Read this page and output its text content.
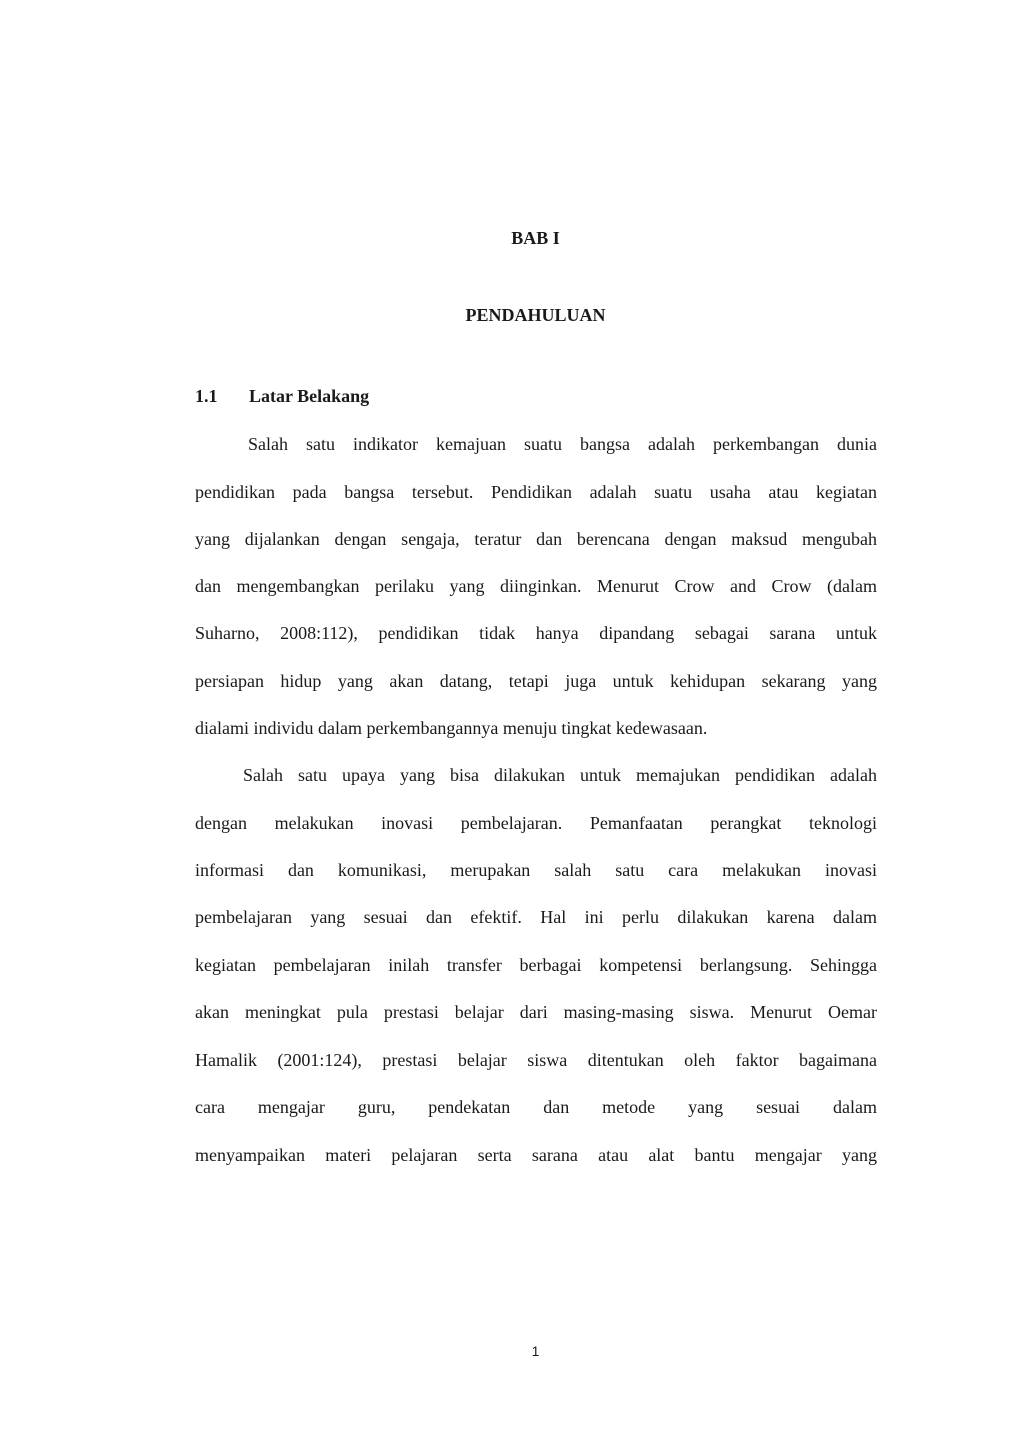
BAB I
PENDAHULUAN
1.1 Latar Belakang
Salah satu indikator kemajuan suatu bangsa adalah perkembangan dunia
pendidikan pada bangsa tersebut. Pendidikan adalah suatu usaha atau kegiatan
yang dijalankan dengan sengaja, teratur dan berencana dengan maksud mengubah
dan mengembangkan perilaku yang diinginkan. Menurut Crow and Crow (dalam
Suharno, 2008:112), pendidikan tidak hanya dipandang sebagai sarana untuk
persiapan hidup yang akan datang, tetapi juga untuk kehidupan sekarang yang
dialami individu dalam perkembangannya menuju tingkat kedewasaan.
Salah satu upaya yang bisa dilakukan untuk memajukan pendidikan adalah
dengan melakukan inovasi pembelajaran. Pemanfaatan perangkat teknologi
informasi dan komunikasi, merupakan salah satu cara melakukan inovasi
pembelajaran yang sesuai dan efektif. Hal ini perlu dilakukan karena dalam
kegiatan pembelajaran inilah transfer berbagai kompetensi berlangsung. Sehingga
akan meningkat pula prestasi belajar dari masing-masing siswa. Menurut Oemar
Hamalik (2001:124), prestasi belajar siswa ditentukan oleh faktor bagaimana
cara mengajar guru, pendekatan dan metode yang sesuai dalam
menyampaikan materi pelajaran serta sarana atau alat bantu mengajar yang
1
